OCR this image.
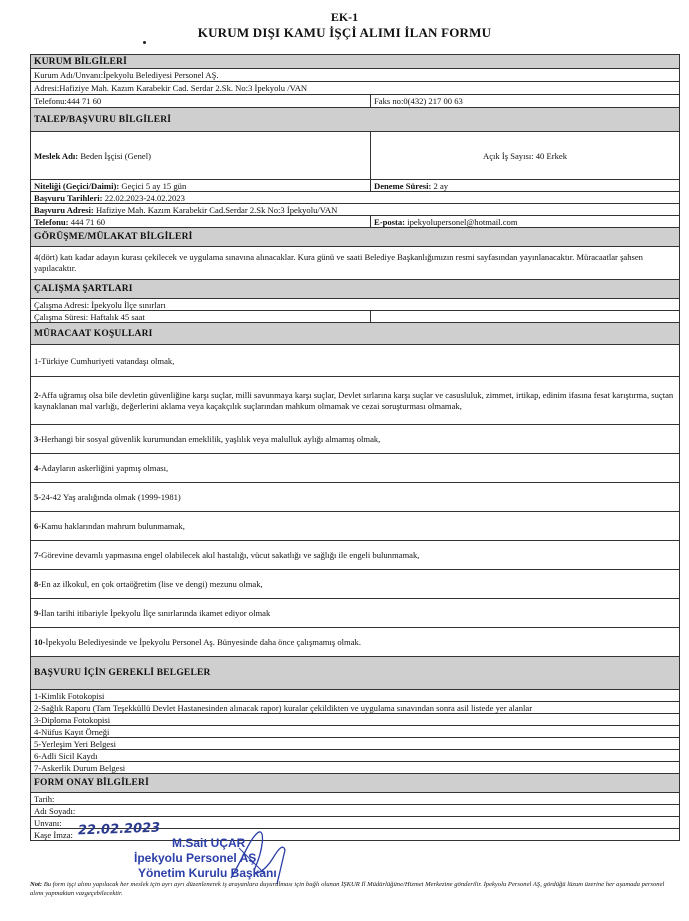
EK-1
KURUM DIŞI KAMU İŞÇİ ALIMI İLAN FORMU
KURUM BİLGİLERİ	
Kurum Adı/Unvanı:İpekyolu Belediyesi Personel AŞ.	
Adresi:Hafiziye Mah. Kazım Karabekir Cad. Serdar 2.Sk. No:3 İpekyolu /VAN	
Telefonu:444 71 60	Faks no:0(432) 217 00 63
TALEP/BAŞVURU BİLGİLERİ	
Meslek Adı: Beden İşçisi (Genel)	Açık İş Sayısı: 40 Erkek
Niteliği (Geçici/Daimi): Geçici 5 ay 15 gün	Deneme Süresi: 2 ay
Başvuru Tarihleri: 22.02.2023-24.02.2023	
Başvuru Adresi: Hafiziye Mah. Kazım Karabekir Cad.Serdar 2.Sk No:3 İpekyolu/VAN	
Telefonu: 444 71 60	E-posta: ipekyolupersonel@hotmail.com
GÖRÜŞME/MÜLAKAT BİLGİLERİ	
4(dört) katı kadar adayın kurası çekilecek ve uygulama sınavına alınacaklar. Kura günü ve saati Belediye Başkanlığımızın resmi sayfasından yayınlanacaktır. Müracaatlar şahsen yapılacaktır.	
ÇALIŞMA ŞARTLARI	
Çalışma Adresi: İpekyolu İlçe sınırları	
Çalışma Süresi: Haftalık 45 saat	
MÜRACAAT KOŞULLARI	
1-Türkiye Cumhuriyeti vatandaşı olmak,	
2-Affa uğramış olsa bile devletin güvenliğine karşı suçlar, milli savunmaya karşı suçlar, Devlet sırlarına karşı suçlar ve casusluluk, zimmet, irtikap, edinim ifasına fesat karıştırma, suçtan kaynaklanan mal varlığı, değerlerini aklama veya kaçakçılık suçlarından mahkum olmamak ve cezai soruşturması olmamak,	
3-Herhangi bir sosyal güvenlik kurumundan emeklilik, yaşlılık veya malulluk aylığı almamış olmak,	
4-Adayların askerliğini yapmış olması,	
5-24-42 Yaş aralığında olmak (1999-1981)	
6-Kamu haklarından mahrum bulunmamak,	
7-Görevine devamlı yapmasına engel olabilecek akıl hastalığı, vücut sakatlığı ve sağlığı ile engeli bulunmamak,	
8-En az ilkokul, en çok ortaöğretim (lise ve dengi) mezunu olmak,	
9-İlan tarihi itibariyle İpekyolu İlçe sınırlarında ikamet ediyor olmak	
10-İpekyolu Belediyesinde ve İpekyolu Personel Aş. Bünyesinde daha önce çalışmamış olmak.	
BAŞVURU İÇİN GEREKLİ BELGELER	
1-Kimlik Fotokopisi	
2-Sağlık Raporu (Tam Teşekküllü Devlet Hastanesinden alınacak rapor) kuralar çekildikten ve uygulama sınavından sonra asil listede yer alanlar	
3-Diploma Fotokopisi	
4-Nüfus Kayıt Örneği	
5-Yerleşim Yeri Belgesi	
6-Adli Sicil Kaydı	
7-Askerlik Durum Belgesi	
FORM ONAY BİLGİLERİ	
Tarih:	
Adı Soyadı:	
Unvanı:	
Kaşe İmza:	22.02.2023
M.Sait UÇAR
İpekyolu Personel AŞ
Yönetim Kurulu Başkanı
Not: Bu form işçi alımı yapılacak her meslek için ayrı ayrı düzenlenerek iş arayanlara duyurulması için bağlı olunan İŞKUR İl Müdürlüğüne/Hizmet Merkezine gönderilir. İpekyolu Personel AŞ, gördüğü lüzum üzerine her aşamada personel alımı yapmaktan vazgeçebilecektir.
